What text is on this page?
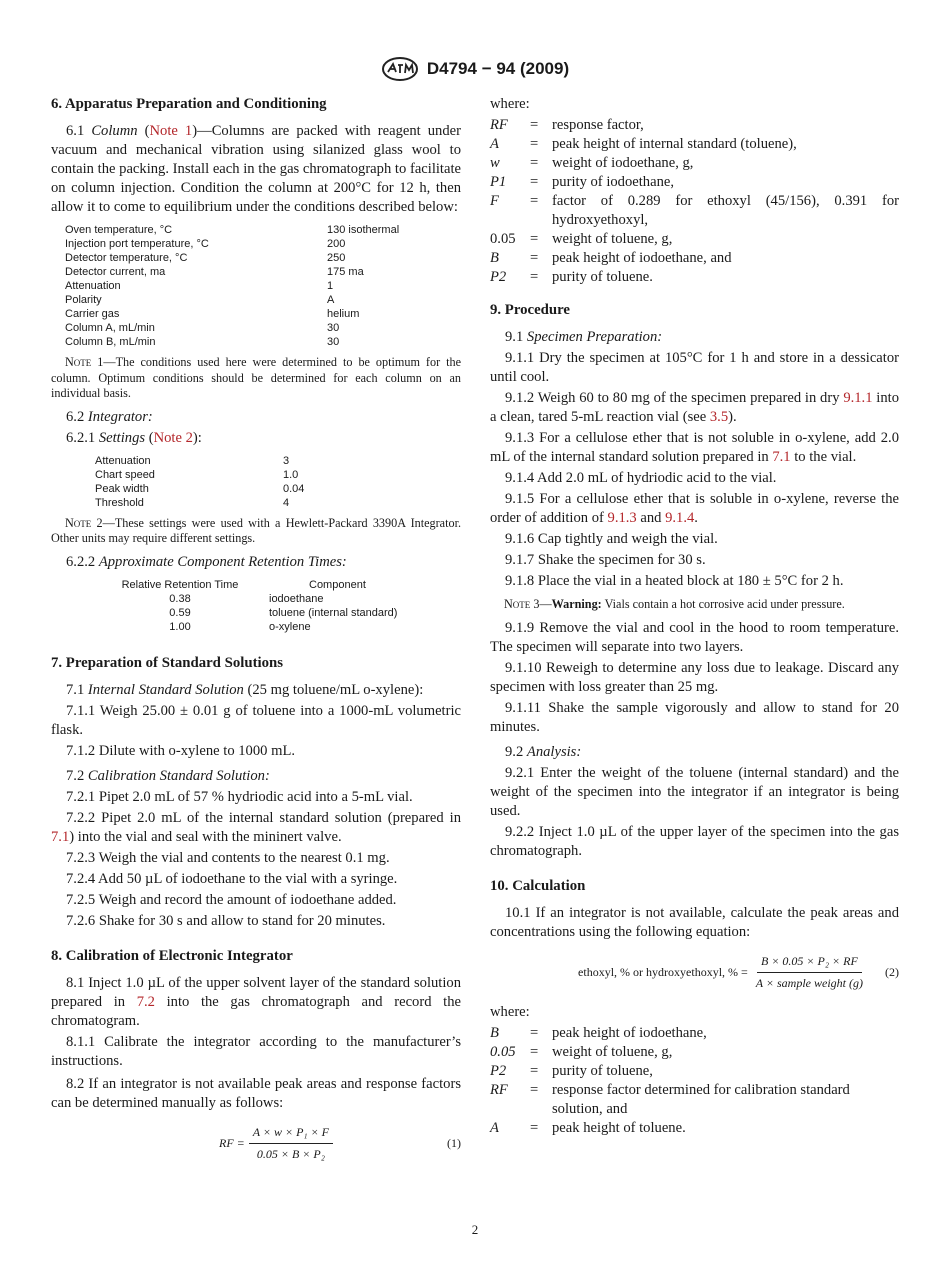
D4794 − 94 (2009)
6. Apparatus Preparation and Conditioning
6.1 Column (Note 1)—Columns are packed with reagent under vacuum and mechanical vibration using silanized glass wool to contain the packing. Install each in the gas chromatograph to facilitate on column injection. Condition the column at 200°C for 12 h, then allow it to come to equilibrium under the conditions described below:
Oven temperature, °C	130 isothermal
Injection port temperature, °C	200
Detector temperature, °C	250
Detector current, ma	175 ma
Attenuation	1
Polarity	A
Carrier gas	helium
Column A, mL/min	30
Column B, mL/min	30
Note 1—The conditions used here were determined to be optimum for the column. Optimum conditions should be determined for each column on an individual basis.
6.2 Integrator:
6.2.1 Settings (Note 2):
Attenuation	3
Chart speed	1.0
Peak width	0.04
Threshold	4
Note 2—These settings were used with a Hewlett-Packard 3390A Integrator. Other units may require different settings.
6.2.2 Approximate Component Retention Times:
Relative Retention Time	Component
0.38	iodoethane
0.59	toluene (internal standard)
1.00	o-xylene
7. Preparation of Standard Solutions
7.1 Internal Standard Solution (25 mg toluene/mL o-xylene):
7.1.1 Weigh 25.00 ± 0.01 g of toluene into a 1000-mL volumetric flask.
7.1.2 Dilute with o-xylene to 1000 mL.
7.2 Calibration Standard Solution:
7.2.1 Pipet 2.0 mL of 57 % hydriodic acid into a 5-mL vial.
7.2.2 Pipet 2.0 mL of the internal standard solution (prepared in 7.1) into the vial and seal with the mininert valve.
7.2.3 Weigh the vial and contents to the nearest 0.1 mg.
7.2.4 Add 50 µL of iodoethane to the vial with a syringe.
7.2.5 Weigh and record the amount of iodoethane added.
7.2.6 Shake for 30 s and allow to stand for 20 minutes.
8. Calibration of Electronic Integrator
8.1 Inject 1.0 µL of the upper solvent layer of the standard solution prepared in 7.2 into the gas chromatograph and record the chromatogram.
8.1.1 Calibrate the integrator according to the manufacturer’s instructions.
8.2 If an integrator is not available peak areas and response factors can be determined manually as follows:
RF = $\frac{\text{A × w × P₁ × F}}{\text{0.05 × B × P₂}}$	(1)
where:
RF	= response factor,
A	= peak height of internal standard (toluene),
w	= weight of iodoethane, g,
P1	= purity of iodoethane,
F	= factor of 0.289 for ethoxyl (45/156), 0.391 for hydroxyethoxyl,
0.05 = weight of toluene, g,
B	= peak height of iodoethane, and
P2	= purity of toluene.
9. Procedure
9.1 Specimen Preparation:
9.1.1 Dry the specimen at 105°C for 1 h and store in a dessicator until cool.
9.1.2 Weigh 60 to 80 mg of the specimen prepared in dry 9.1.1 into a clean, tared 5-mL reaction vial (see 3.5).
9.1.3 For a cellulose ether that is not soluble in o-xylene, add 2.0 mL of the internal standard solution prepared in 7.1 to the vial.
9.1.4 Add 2.0 mL of hydriodic acid to the vial.
9.1.5 For a cellulose ether that is soluble in o-xylene, reverse the order of addition of 9.1.3 and 9.1.4.
9.1.6 Cap tightly and weigh the vial.
9.1.7 Shake the specimen for 30 s.
9.1.8 Place the vial in a heated block at 180 ± 5°C for 2 h.
Note 3—Warning: Vials contain a hot corrosive acid under pressure.
9.1.9 Remove the vial and cool in the hood to room temperature. The specimen will separate into two layers.
9.1.10 Reweigh to determine any loss due to leakage. Discard any specimen with loss greater than 25 mg.
9.1.11 Shake the sample vigorously and allow to stand for 20 minutes.
9.2 Analysis:
9.2.1 Enter the weight of the toluene (internal standard) and the weight of the specimen into the integrator if an integrator is being used.
9.2.2 Inject 1.0 µL of the upper layer of the specimen into the gas chromatograph.
10. Calculation
10.1 If an integrator is not available, calculate the peak areas and concentrations using the following equation:
ethoxyl, % or hydroxyethoxyl, % = $\frac{\text{B × 0.05 × P₂ × RF}}{\text{A × sample weight (g)}} (2)$
where:
B	= peak height of iodoethane,
0.05 = weight of toluene, g,
P2	= purity of toluene,
RF	= response factor determined for calibration standard solution, and
A	= peak height of toluene.
2
